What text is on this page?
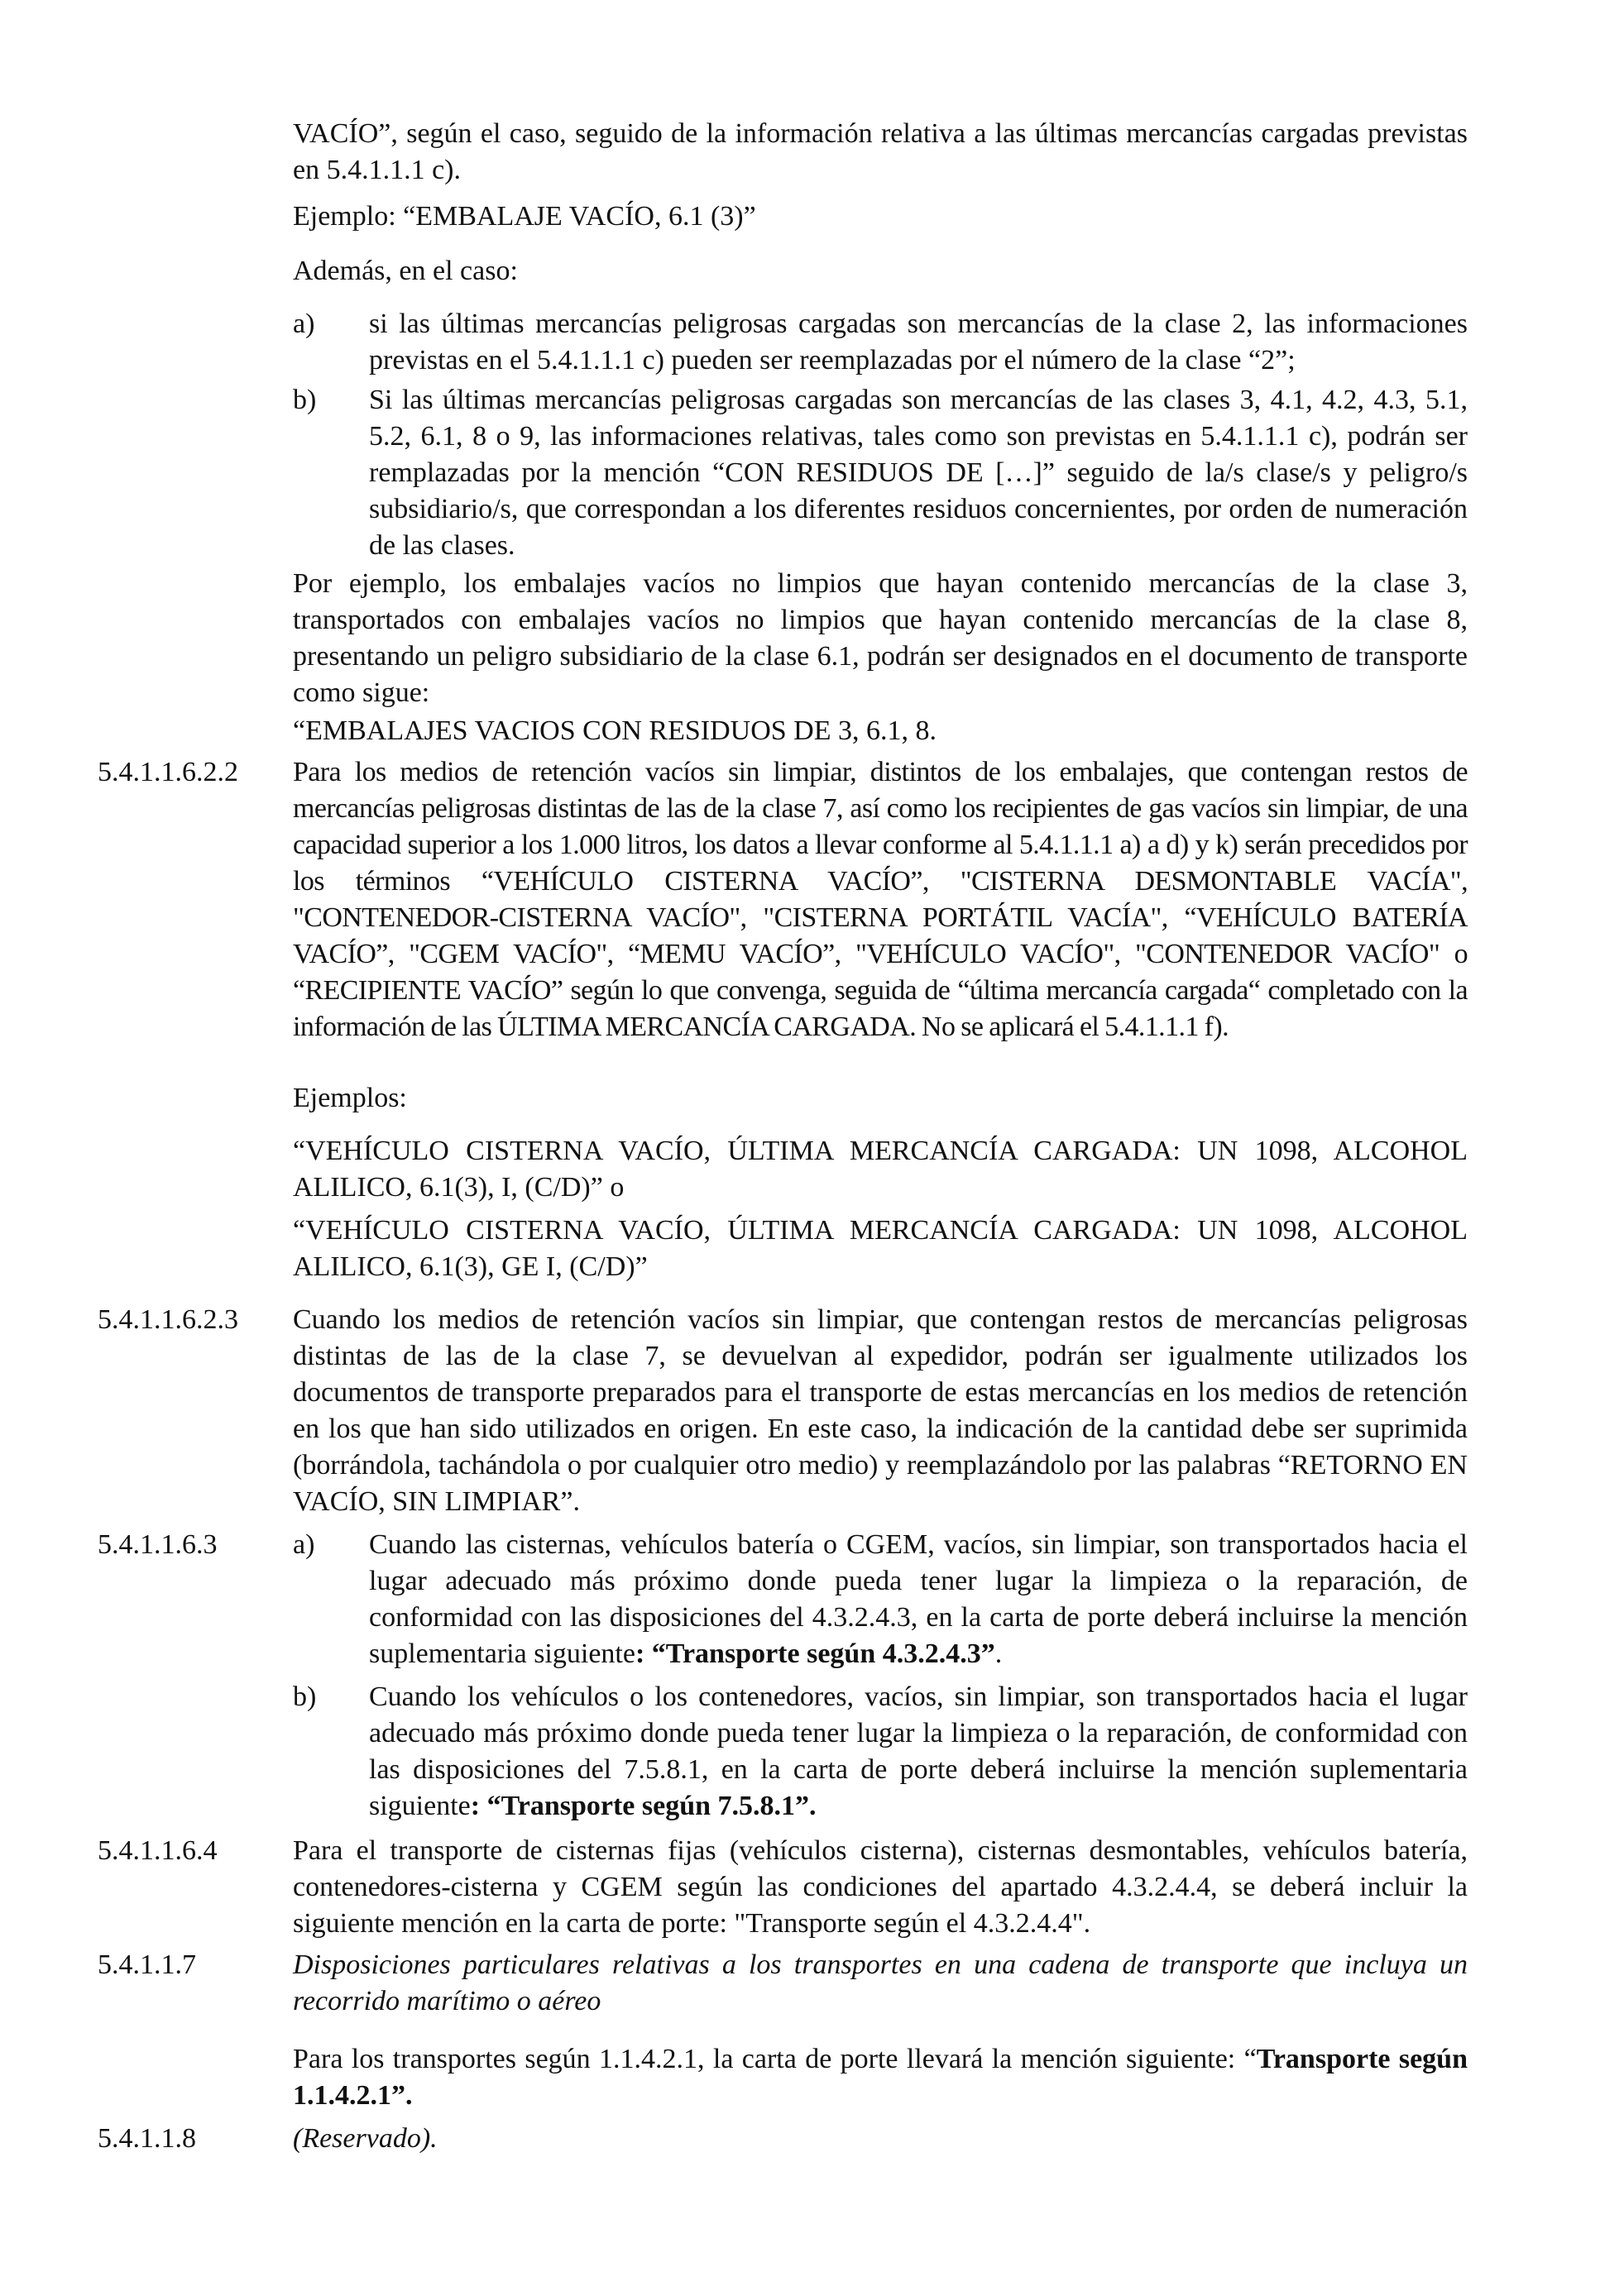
VACÍO”, según el caso, seguido de la información relativa a las últimas mercancías cargadas previstas en 5.4.1.1.1 c).

Ejemplo: “EMBALAJE VACÍO, 6.1 (3)”

Además, en el caso:

a)	si las últimas mercancías peligrosas cargadas son mercancías de la clase 2, las informaciones previstas en el 5.4.1.1.1 c) pueden ser reemplazadas por el número de la clase “2”;

b)	Si las últimas mercancías peligrosas cargadas son mercancías de las clases 3, 4.1, 4.2, 4.3, 5.1, 5.2, 6.1, 8 o 9, las informaciones relativas, tales como son previstas en 5.4.1.1.1 c), podrán ser remplazadas por la mención “CON RESIDUOS DE […]” seguido de la/s clase/s y peligro/s subsidiario/s, que correspondan a los diferentes residuos concernientes, por orden de numeración de las clases.

Por ejemplo, los embalajes vacíos no limpios que hayan contenido mercancías de la clase 3, transportados con embalajes vacíos no limpios que hayan contenido mercancías de la clase 8, presentando un peligro subsidiario de la clase 6.1, podrán ser designados en el documento de transporte como sigue:

“EMBALAJES VACIOS CON RESIDUOS DE 3, 6.1, 8.

5.4.1.1.6.2.2	Para los medios de retención vacíos sin limpiar, distintos de los embalajes, que contengan restos de mercancías peligrosas distintas de las de la clase 7, así como los recipientes de gas vacíos sin limpiar, de una capacidad superior a los 1.000 litros, los datos a llevar conforme al 5.4.1.1.1 a) a d) y k) serán precedidos por los términos “VEHÍCULO CISTERNA VACÍO”, "CISTERNA DESMONTABLE VACÍA", "CONTENEDOR-CISTERNA VACÍO", "CISTERNA PORTÁTIL VACÍA", “VEHÍCULO BATERÍA VACÍO”, "CGEM VACÍO", “MEMU VACÍO”, "VEHÍCULO VACÍO", "CONTENEDOR VACÍO" o “RECIPIENTE VACÍO” según lo que convenga, seguida de “última mercancía cargada“ completado con la información de las ÚLTIMA MERCANCÍA CARGADA. No se aplicará el 5.4.1.1.1 f).

Ejemplos:

“VEHÍCULO CISTERNA VACÍO, ÚLTIMA MERCANCÍA CARGADA: UN 1098, ALCOHOL ALILICO, 6.1(3), I, (C/D)” o

“VEHÍCULO CISTERNA VACÍO, ÚLTIMA MERCANCÍA CARGADA: UN 1098, ALCOHOL ALILICO, 6.1(3), GE I, (C/D)”

5.4.1.1.6.2.3	Cuando los medios de retención vacíos sin limpiar, que contengan restos de mercancías peligrosas distintas de las de la clase 7, se devuelvan al expedidor, podrán ser igualmente utilizados los documentos de transporte preparados para el transporte de estas mercancías en los medios de retención en los que han sido utilizados en origen. En este caso, la indicación de la cantidad debe ser suprimida (borrándola, tachándola o por cualquier otro medio) y reemplazándolo por las palabras “RETORNO EN VACÍO, SIN LIMPIAR”.

5.4.1.1.6.3	a)	Cuando las cisternas, vehículos batería o CGEM, vacíos, sin limpiar, son transportados hacia el lugar adecuado más próximo donde pueda tener lugar la limpieza o la reparación, de conformidad con las disposiciones del 4.3.2.4.3, en la carta de porte deberá incluirse la mención suplementaria siguiente: “Transporte según 4.3.2.4.3”.

b)	Cuando los vehículos o los contenedores, vacíos, sin limpiar, son transportados hacia el lugar adecuado más próximo donde pueda tener lugar la limpieza o la reparación, de conformidad con las disposiciones del 7.5.8.1, en la carta de porte deberá incluirse la mención suplementaria siguiente: “Transporte según 7.5.8.1”.

5.4.1.1.6.4	Para el transporte de cisternas fijas (vehículos cisterna), cisternas desmontables, vehículos batería, contenedores-cisterna y CGEM según las condiciones del apartado 4.3.2.4.4, se deberá incluir la siguiente mención en la carta de porte: "Transporte según el 4.3.2.4.4".

5.4.1.1.7	Disposiciones particulares relativas a los transportes en una cadena de transporte que incluya un recorrido marítimo o aéreo

Para los transportes según 1.1.4.2.1, la carta de porte llevará la mención siguiente: “Transporte según 1.1.4.2.1”.

5.4.1.1.8	(Reservado).
